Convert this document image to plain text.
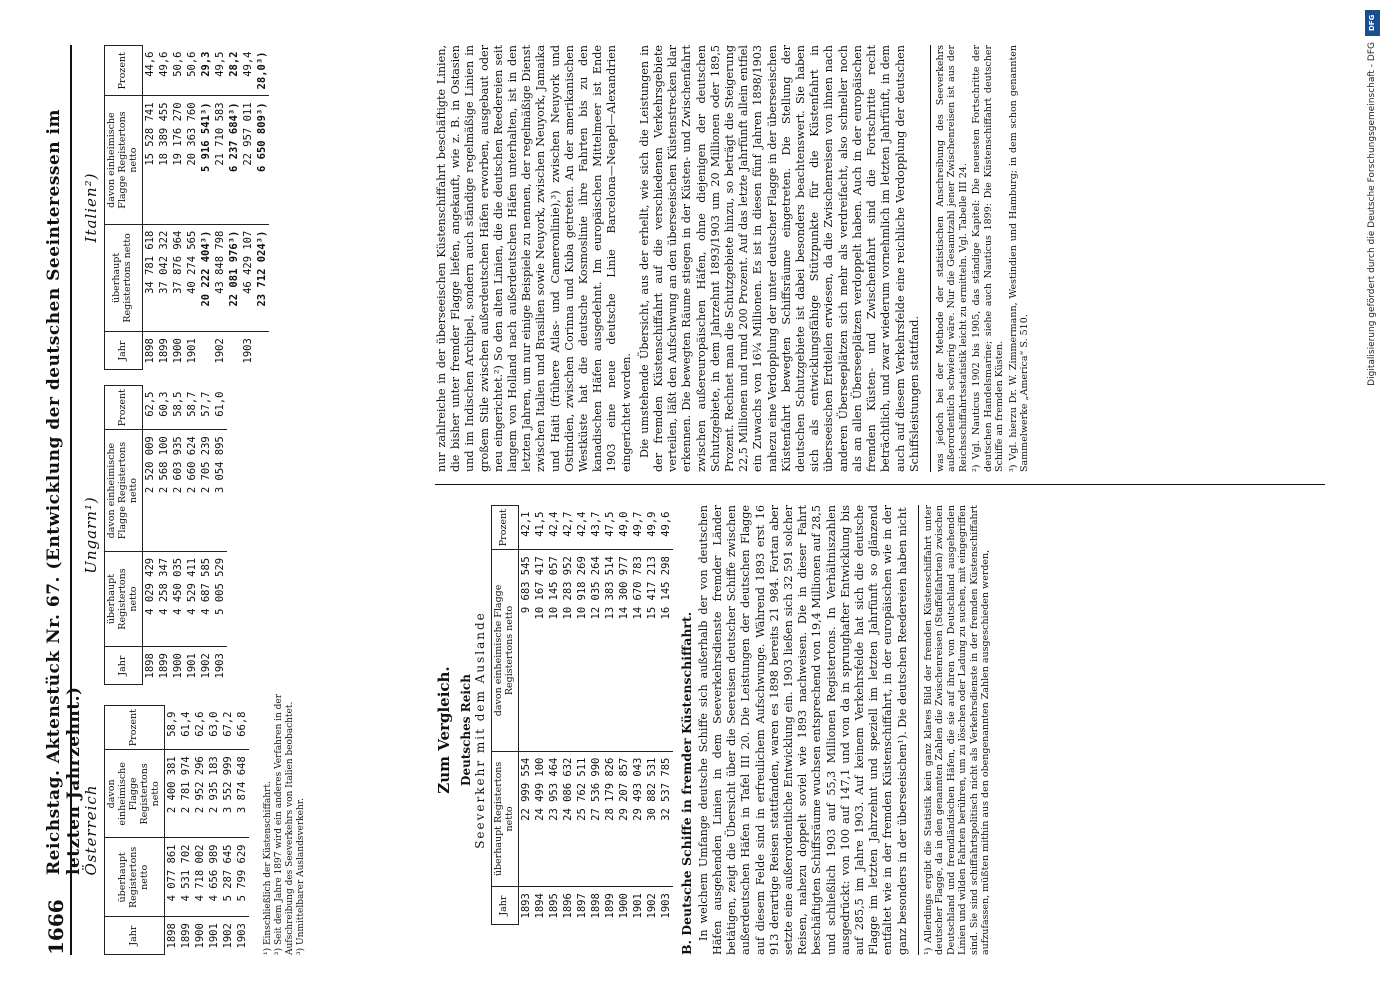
1666
Reichstag. Aktenstück Nr. 67. (Entwicklung der deutschen Seeinteressen im letzten Jahrzehnt.)
Österreich
Jahr	überhaupt Registertons netto	davon einheimische Flagge Registertons netto	Prozent
1898	4 077 861	2 400 381	58,9
1899	4 531 702	2 781 974	61,4
1900	4 718 002	2 952 296	62,6
1901	4 656 989	2 935 183	63,0
1902	5 287 645	3 552 999	67,2
1903	5 799 629	3 874 648	66,8
¹) Einschließlich der Küstenschiffahrt. ²) Seit dem Jahre 1897 wird ein anderes Verfahren in der Aufschreibung des Seeverkehrs von Italien beobachtet. ³) Unmittelbarer Auslandsverkehr.
Ungarn¹)
Jahr	überhaupt Registertons netto	davon einheimische Flagge Registertons netto	Prozent
1898	4 029 429	2 520 009	62,5
1899	4 258 347	2 568 100	60,3
1900	4 450 035	2 603 935	58,5
1901	4 529 411	2 660 624	58,7
1902	4 687 585	2 705 239	57,7
1903	5 005 529	3 054 895	61,0
Italien²)
Jahr	überhaupt Registertons netto	davon einheimische Flagge Registertons netto	Prozent
1898	34 781 618	15 528 741	44,6
1899	37 042 322	18 389 455	49,6
1900	37 876 964	19 176 270	50,6
1901	40 274 565	20 363 760	50,6
	20 222 404³)	5 916 541³)	29,3
1902	43 848 798	21 710 583	49,5
	22 081 976³)	6 237 684³)	28,2
1903	46 429 107	22 957 011	49,4
	23 712 024³)	6 650 809³)	28,0³)
Zum Vergleich. Deutsches Reich Seeverkehr mit dem Auslande
Jahr	überhaupt Registertons netto	davon einheimische Flagge Registertons netto	Prozent
1893	22 999 554	9 683 545	42,1
1894	24 499 100	10 167 417	41,5
1895	23 953 464	10 145 057	42,4
1896	24 086 632	10 283 952	42,7
1897	25 762 511	10 918 269	42,4
1898	27 536 990	12 035 264	43,7
1899	28 179 826	13 383 514	47,5
1900	29 207 857	14 300 977	49,0
1901	29 493 043	14 670 783	49,7
1902	30 882 531	15 417 213	49,9
1903	32 537 785	16 145 298	49,6
B. Deutsche Schiffe in fremder Küstenschiffahrt. In welchem Umfange deutsche Schiffe sich außerhalb der von deutschen Häfen ausgehenden Linien in dem Seeverkehrsdienste fremder Länder betätigen, zeigt die Übersicht über die Seereisen deutscher Schiffe zwischen außerdeutschen Häfen in Tafel III 20. Die Leistungen der deutschen Flagge auf diesem Felde sind in erfreulichem Aufschwunge. Während 1893 erst 16 913 derartige Reisen stattfanden, waren es 1898 bereits 21 984. Fortan aber setzte eine außerordentliche Entwicklung ein. 1903 ließen sich 32 591 solcher Reisen, nahezu doppelt soviel wie 1893 nachweisen. Die in dieser Fahrt beschäftigten Schiffsräume wuchsen entsprechend von 19,4 Millionen auf 28,5 und schließlich 1903 auf 55,3 Millionen Registertons. In Verhältniszahlen ausgedrückt: von 100 auf 147,1 und von da in sprunghafter Entwicklung bis auf 285,5 im Jahre 1903. Auf keinem Verkehrsfelde hat sich die deutsche Flagge im letzten Jahrzehnt und speziell im letzten Jahrfünft so glänzend entfaltet wie in der fremden Küstenschiffahrt, in der europäischen wie in der ganz besonders in der überseeischen¹). Die deutschen Reedereien haben nicht ¹) Allerdings ergibt die Statistik kein ganz klares Bild der fremden Küstenschiffahrt unter deutscher Flagge, da in den genannten Zahlen die Zwischenreisen (Staffelfahrten) zwischen Deutschland und fremdländischen Häfen, die sie auf ihren von Deutschland ausgehenden Linien und wilden Fahrten berühren, um zu löschen oder Ladung zu suchen, mit eingegriffen sind. Sie sind schiffahrtspolitisch nicht als Verkehrsdienste in der fremden Küstenschiffahrt aufzufassen, müßten mithin aus den obengenannten Zahlen ausgeschieden werden,

nur zahlreiche in der überseeischen Küstenschiffahrt beschäftigte Linien, die bisher unter fremder Flagge liefen, angekauft, wie z. B. in Ostasien und im Indischen Archipel, sondern auch ständige regelmäßige Linien in großem Stile zwischen außerdeutschen Häfen erworben, ausgebaut oder neu eingerichtet.²) So den alten Linien, die die deutschen Reedereien seit langem von Holland nach außerdeutschen Häfen unterhalten, ist in den letzten Jahren, um nur einige Beispiele zu nennen, der regelmäßige Dienst zwischen Italien und Brasilien sowie Neuyork, zwischen Neuyork, Jamaika und Haiti (frühere Atlas- und Cameronlinie),³) zwischen Neuyork und Ostindien, zwischen Corinna und Kuba getreten. An der amerikanischen Westküste hat die deutsche Kosmoslinie ihre Fahrten bis zu den kanadischen Häfen ausgedehnt. Im europäischen Mittelmeer ist Ende 1903 eine neue deutsche Linie Barcelona—Neapel—Alexandrien eingerichtet worden. Die umstehende Übersicht, aus der erhellt, wie sich die Leistungen in der fremden Küstenschiffahrt auf die verschiedenen Verkehrsgebiete verteilen, läßt den Aufschwung an den überseeischen Küstenstrecken klar erkennen. Die bewegten Räume stiegen in der Küsten- und Zwischenfahrt zwischen außereuropäischen Häfen, ohne diejenigen der deutschen Schutzgebiete, in dem Jahrzehnt 1893/1903 um 20 Millionen oder 189,5 Prozent. Rechnet man die Schutzgebiete hinzu, so beträgt die Steigerung 22,5 Millionen und rund 200 Prozent. Auf das letzte Jahrfünft allein entfiel ein Zuwachs von 16¼ Millionen. Es ist in diesen fünf Jahren 1898/1903 nahezu eine Verdopplung der unter deutscher Flagge in der überseeischen Küstenfahrt bewegten Schiffsräume eingetreten. Die Stellung der deutschen Schutzgebiete ist dabei besonders beachtenswert. Sie haben sich als entwicklungsfähige Stützpunkte für die Küstenfahrt in überseeischen Erdteilen erwiesen, da die Zwischenreisen von ihnen nach anderen Überseeplätzen sich mehr als verdreifacht, also schneller noch als an allen Überseeplätzen verdoppelt haben. Auch in der europäischen fremden Küsten- und Zwischenfahrt sind die Fortschritte recht beträchtlich, und zwar wiederum vornehmlich im letzten Jahrfünft, in dem auch auf diesem Verkehrsfelde eine reichliche Verdopplung der deutschen Schiffsleistungen stattfand. was jedoch bei der Methode der statistischen Anschreibung des Seeverkehrs außerordentlich schwierig wäre. Nur die Gesamtzahl jener Zwischenreisen ist aus der Reichsschiffahrtsstatistik leicht zu ermitteln. Vgl. Tabelle III 24. ²) Vgl. Nauticus 1902 bis 1905, das ständige Kapitel: Die neuesten Fortschritte der deutschen Handelsmarine; siehe auch Nauticus 1899: Die Küstenschiffahrt deutscher Schiffe an fremden Küsten. ³) Vgl. hierzu Dr. W. Zimmermann, Westindien und Hamburg; in dem schon genannten Sammelwerke „America“ S. 510.

DFG
Digitalisierung gefördert durch die Deutsche Forschungsgemeinschaft - DFG
